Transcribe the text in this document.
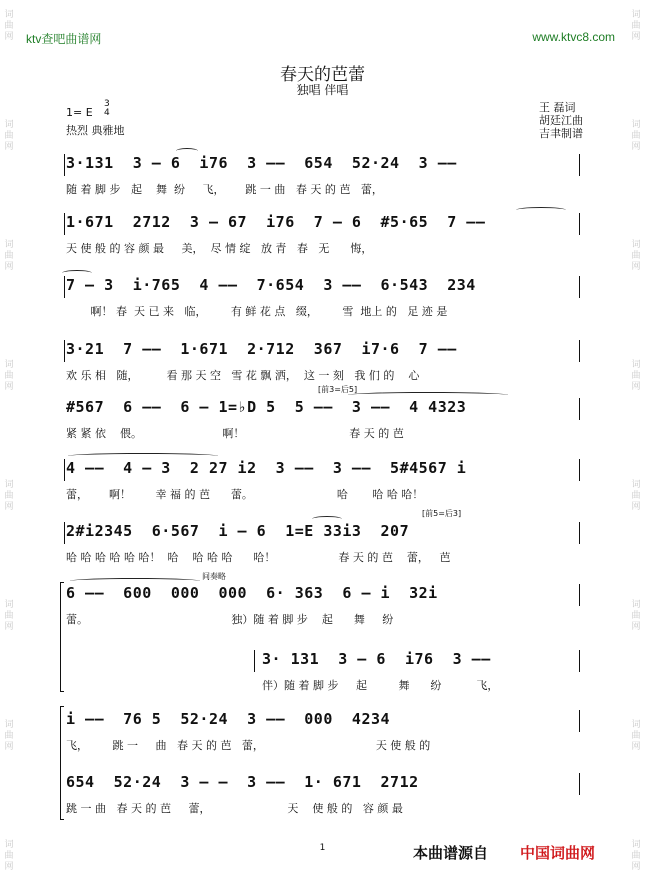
词
曲
网
词
曲
网
词
曲
网
词
曲
网
词
曲
网
词
曲
网
词
曲
网
词
曲
网
词
曲
网
词
曲
网
词
曲
网
词
曲
网
词
曲
网
词
曲
网
词
曲
网
词
曲
网
ktv查吧曲谱网	www.ktvc8.com
春天的芭蕾
独唱 伴唱
1= E
3
4
热烈 典雅地
王 磊词
胡廷江曲
吉聿制谱
3·131  3 – 6  i76  3 ––  654  52·24  3 ––
随 着 脚 步   起    舞  纷     飞，      跳 一 曲   春 天 的 芭   蕾，
1·671  2712  3 – 67  i76  7 – 6  #5·65  7 ––
天 使 般 的 容 颜 最     美，  尽 情 绽   放 青   春   无      悔，
7 – 3  i·765  4 ––  7·654  3 ––  6·543  234
啊！ 春  天 已 来   临，       有 鲜 花 点   缀，       雪  地上 的   足 迹 是
3·21  7 ––  1·671  2·712  367  i7·6  7 ––
欢 乐 相   随，        看 那 天 空   雪 花 飘 洒，  这 一 刻   我 们 的    心
[前3=后5]
#567  6 ––  6 – 1=♭D 5  5 ––  3 ––  4 4323
紧 紧 依    偎。                       啊！                              春 天 的 芭
4 ––  4 – 3  2 27 i2  3 ––  3 ––  5#4567 i
蕾，      啊！       幸 福 的 芭      蕾。                        哈       哈 哈 哈！
[前5=后3]
2#i2345  6·567  i – 6  1=E 33i3  207
哈 哈 哈 哈 哈 哈！  哈    哈 哈 哈      哈！                  春 天 的 芭    蕾，   芭
间奏略
6 ––  600  000  000  6· 363  6 – i  32i
蕾。                                         独）随 着 脚 步    起      舞     纷
3· 131  3 – 6  i76  3 ––
伴）随 着 脚 步     起         舞      纷          飞，
i ––  76 5  52·24  3 ––  000  4234
飞，       跳 一     曲   春 天 的 芭   蕾，                                天 使 般 的
654  52·24  3 – –  3 ––  1· 671  2712
跳 一 曲   春 天 的 芭     蕾，                      天    使 般 的   容 颜 最
1	本曲谱源自 中国词曲网
